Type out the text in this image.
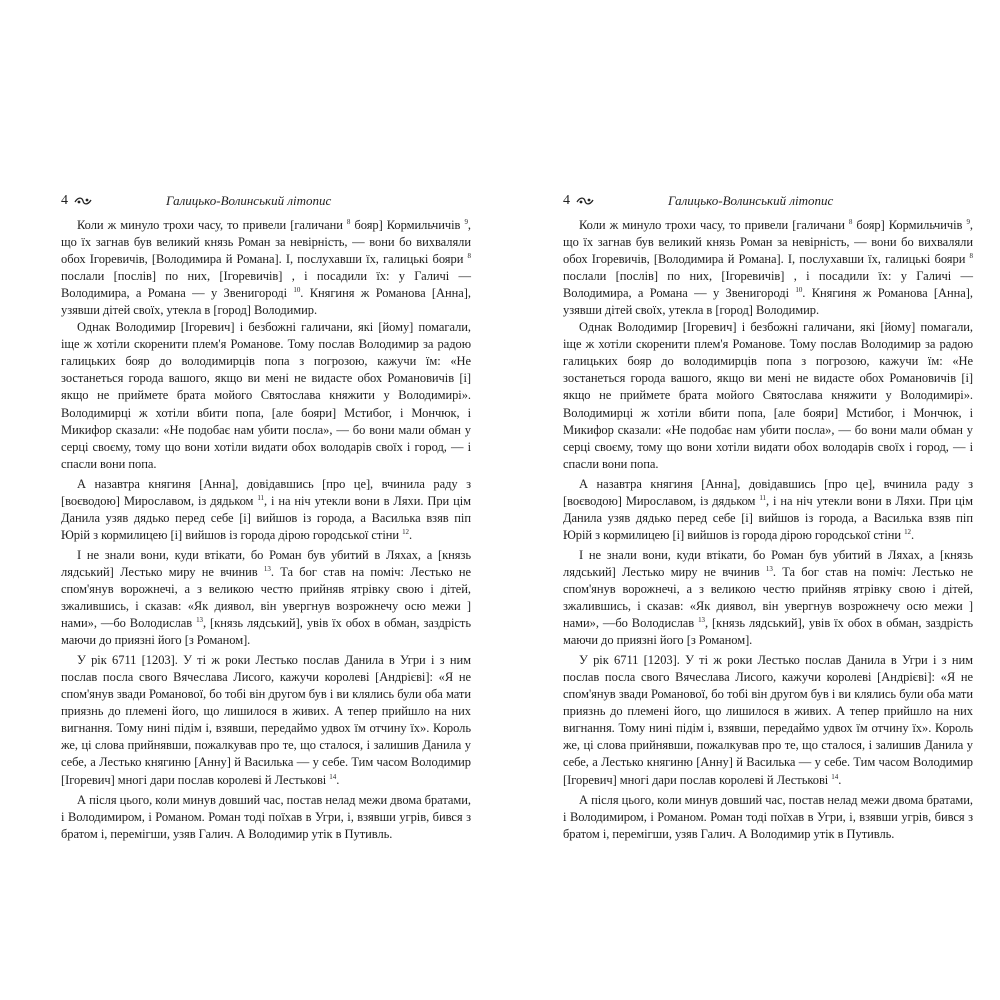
4	Галицько-Волинський літопис

Коли ж минуло трохи часу, то привели [галичани $^8$ бояр] Кормильчичів $^9$, що їх загнав був великий князь Роман за невірність, — вони бо вихваляли обох Ігоревичів, [Володимира й Романа]. І, послухавши їх, галицькі бояри $^8$ послали [послів] по них, [Ігоревичів] , і посадили їх: у Галичі — Володимира, а Романа — у Звенигороді $^{10}$. Княгиня ж Романова [Анна], узявши дітей своїх, утекла в [город] Володимир.

Однак Володимир [Ігоревич] і безбожні галичани, які [йому] помагали, іще ж хотіли скоренити плем'я Романове. Тому послав Володимир за радою галицьких бояр до володимирців попа з погрозою, кажучи їм: «Не зостанеться города вашого, якщо ви мені не видасте обох Романовичів [і] якщо не приймете брата мойого Святослава княжити у Володимирі». Володимирці ж хотіли вбити попа, [але бояри] Мстибог, і Мончюк, і Микифор сказали: «Не подобає нам убити посла», — бо вони мали обман у серці своєму, тому що вони хотіли видати обох володарів своїх і город, — і спасли вони попа.

А назавтра княгиня [Анна], довідавшись [про це], вчинила раду з [воєводою] Мирославом, із дядьком $^{11}$, і на ніч утекли вони в Ляхи. При цім Данила узяв дядько перед себе [і] вийшов із города, а Василька взяв піп Юрій з кормилицею [і] вийшов із города дірою городської стіни $^{12}$.

І не знали вони, куди втікати, бо Роман був убитий в Ляхах, а [князь лядський] Лестько миру не вчинив $^{13}$. Та бог став на поміч: Лестько не спом'янув ворожнечі, а з великою честю прийняв ятрівку свою і дітей, зжалившись, і сказав: «Як диявол, він увергнув возрожнечу осю межи ] нами», —бо Володислав $^{13}$, [князь лядський], увів їх обох в обман, заздрість маючи до приязні його [з Романом].

У рік 6711 [1203]. У ті ж роки Лестько послав Данила в Угри і з ним послав посла свого Вячеслава Лисого, кажучи королеві [Андрієві]: «Я не спом'янув звади Романової, бо тобі він другом був і ви клялись були оба мати приязнь до племені його, що лишилося в живих. А тепер прийшло на них вигнання. Тому нині підім і, взявши, передаймо удвох їм отчину їх». Король же, ці слова прийнявши, пожалкував про те, що сталося, і залишив Данила у себе, а Лестько княгиню [Анну] й Василька — у себе. Тим часом Володимир [Ігоревич] многі дари послав королеві й Лестькові $^{14}$.

А після цього, коли минув довший час, постав нелад межи двома братами, і Володимиром, і Романом. Роман тоді поїхав в Угри, і, взявши угрів, бився з братом і, перемігши, узяв Галич. А Володимир утік в Путивль.

4	Галицько-Волинський літопис

Коли ж минуло трохи часу, то привели [галичани $^8$ бояр] Кормильчичів $^9$, що їх загнав був великий князь Роман за невірність, — вони бо вихваляли обох Ігоревичів, [Володимира й Романа]. І, послухавши їх, галицькі бояри $^8$ послали [послів] по них, [Ігоревичів] , і посадили їх: у Галичі — Володимира, а Романа — у Звенигороді $^{10}$. Княгиня ж Романова [Анна], узявши дітей своїх, утекла в [город] Володимир.

Однак Володимир [Ігоревич] і безбожні галичани, які [йому] помагали, іще ж хотіли скоренити плем'я Романове. Тому послав Володимир за радою галицьких бояр до володимирців попа з погрозою, кажучи їм: «Не зостанеться города вашого, якщо ви мені не видасте обох Романовичів [і] якщо не приймете брата мойого Святослава княжити у Володимирі». Володимирці ж хотіли вбити попа, [але бояри] Мстибог, і Мончюк, і Микифор сказали: «Не подобає нам убити посла», — бо вони мали обман у серці своєму, тому що вони хотіли видати обох володарів своїх і город, — і спасли вони попа.

А назавтра княгиня [Анна], довідавшись [про це], вчинила раду з [воєводою] Мирославом, із дядьком $^{11}$, і на ніч утекли вони в Ляхи. При цім Данила узяв дядько перед себе [і] вийшов із города, а Василька взяв піп Юрій з кормилицею [і] вийшов із города дірою городської стіни $^{12}$.

І не знали вони, куди втікати, бо Роман був убитий в Ляхах, а [князь лядський] Лестько миру не вчинив $^{13}$. Та бог став на поміч: Лестько не спом'янув ворожнечі, а з великою честю прийняв ятрівку свою і дітей, зжалившись, і сказав: «Як диявол, він увергнув возрожнечу осю межи ] нами», —бо Володислав $^{13}$, [князь лядський], увів їх обох в обман, заздрість маючи до приязні його [з Романом].

У рік 6711 [1203]. У ті ж роки Лестько послав Данила в Угри і з ним послав посла свого Вячеслава Лисого, кажучи королеві [Андрієві]: «Я не спом'янув звади Романової, бо тобі він другом був і ви клялись були оба мати приязнь до племені його, що лишилося в живих. А тепер прийшло на них вигнання. Тому нині підім і, взявши, передаймо удвох їм отчину їх». Король же, ці слова прийнявши, пожалкував про те, що сталося, і залишив Данила у себе, а Лестько княгиню [Анну] й Василька — у себе. Тим часом Володимир [Ігоревич] многі дари послав королеві й Лестькові $^{14}$.

А після цього, коли минув довший час, постав нелад межи двома братами, і Володимиром, і Романом. Роман тоді поїхав в Угри, і, взявши угрів, бився з братом і, перемігши, узяв Галич. А Володимир утік в Путивль.
